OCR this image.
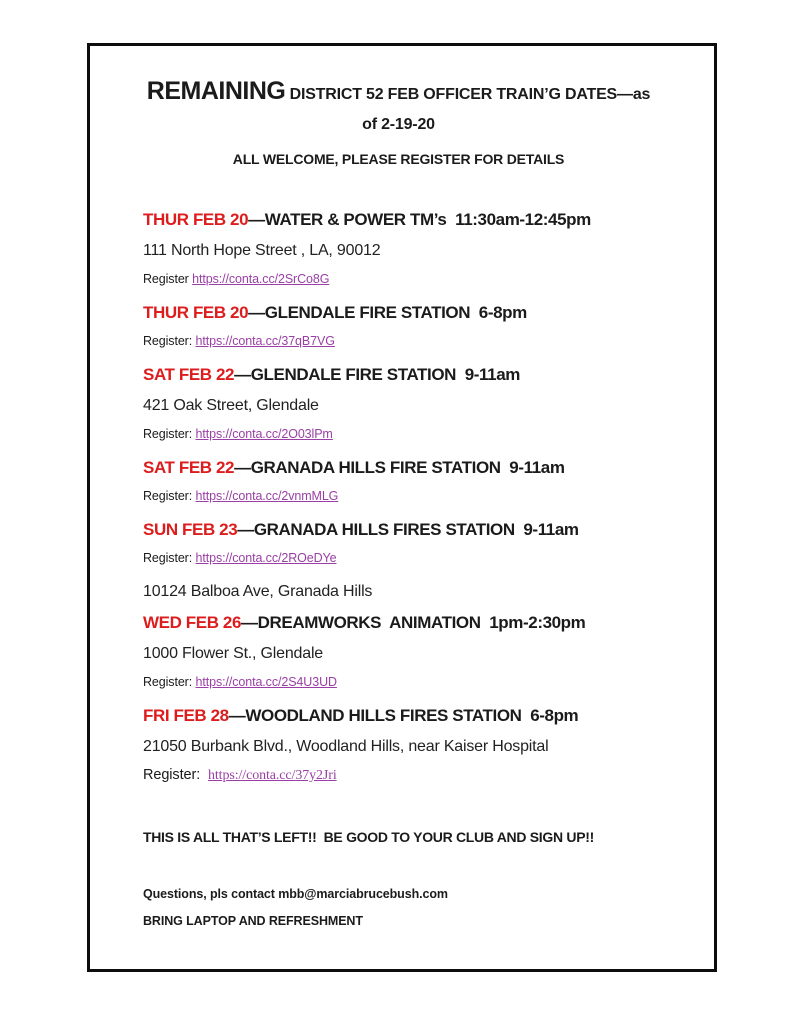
REMAINING DISTRICT 52 FEB OFFICER TRAIN’G DATES—as of 2-19-20
ALL WELCOME, PLEASE REGISTER FOR DETAILS
THUR FEB 20—WATER & POWER TM’s  11:30am-12:45pm
111 North Hope Street , LA, 90012
Register https://conta.cc/2SrCo8G
THUR FEB 20—GLENDALE FIRE STATION  6-8pm
Register: https://conta.cc/37qB7VG
SAT FEB 22—GLENDALE FIRE STATION  9-11am
421 Oak Street, Glendale
Register: https://conta.cc/2O03lPm
SAT FEB 22—GRANADA HILLS FIRE STATION  9-11am
Register: https://conta.cc/2vnmMLG
SUN FEB 23—GRANADA HILLS FIRES STATION  9-11am
Register: https://conta.cc/2ROeDYe
10124 Balboa Ave, Granada Hills
WED FEB 26—DREAMWORKS  ANIMATION  1pm-2:30pm
1000 Flower St., Glendale
Register: https://conta.cc/2S4U3UD
FRI FEB 28—WOODLAND HILLS FIRES STATION  6-8pm
21050 Burbank Blvd., Woodland Hills, near Kaiser Hospital
Register:  https://conta.cc/37y2Jri
THIS IS ALL THAT’S LEFT!!  BE GOOD TO YOUR CLUB AND SIGN UP!!
Questions, pls contact mbb@marciabrucebush.com
BRING LAPTOP AND REFRESHMENT
